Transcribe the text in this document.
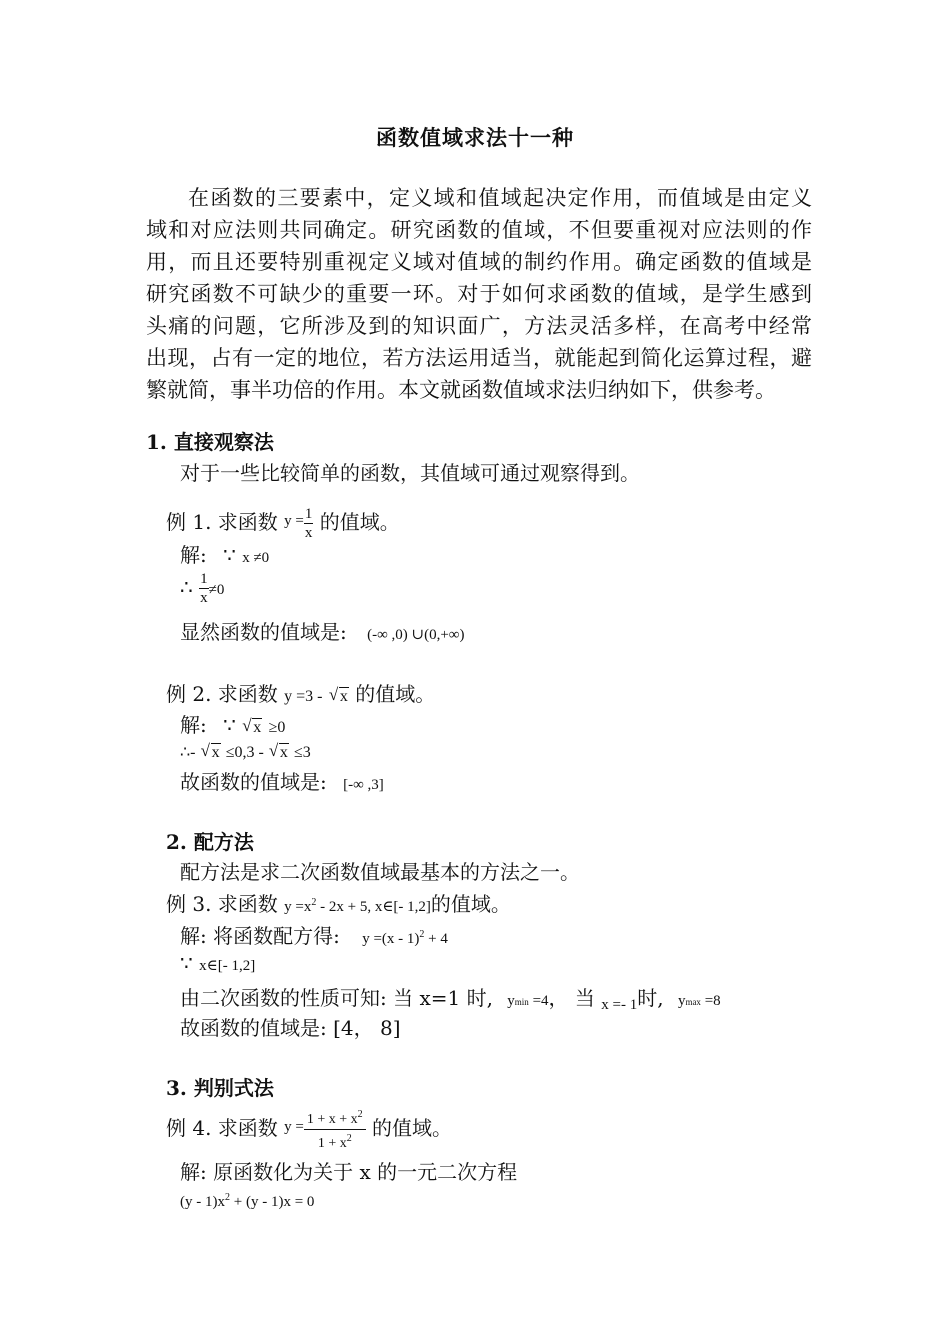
函数值域求法十一种
在函数的三要素中，定义域和值域起决定作用，而值域是由定义
域和对应法则共同确定。研究函数的值域，不但要重视对应法则的作
用，而且还要特别重视定义域对值域的制约作用。确定函数的值域是
研究函数不可缺少的重要一环。对于如何求函数的值域，是学生感到
头痛的问题，它所涉及到的知识面广，方法灵活多样，在高考中经常
出现，占有一定的地位，若方法运用适当，就能起到简化运算过程，避
繁就简，事半功倍的作用。本文就函数值域求法归纳如下，供参考。
1. 直接观察法
对于一些比较简单的函数，其值域可通过观察得到。
例 1. 求函数 $^{y =} \frac{1}{x}$ 的值域。
解: ∵ x ≠0
∴ $\frac{1}{x} \ne 0$
显然函数的值域是: (-∞ ,0) ∪(0,+∞)
例 2. 求函数 y =3 - √ x 的值域。
解: ∵ √ x ≥0
∴- √ x ≤0,3 - √ x ≤3
故函数的值域是: [-∞ ,3]
2. 配方法
配方法是求二次函数值域最基本的方法之一。
例 3. 求函数 $y =x^2 - 2x + 5$, x∈[- 1,2]的值域。
解: 将函数配方得: y =(x - 1)$^2$ + 4
∵ x∈[- 1,2]
由二次函数的性质可知: 当 x=1 时, ymin =4， 当 $_{x =- 1}$时, ymax =8
故函数的值域是: [4， 8]
3. 判别式法
例 4. 求函数 $^{y =} \frac{1 + x + x^2}{1 + x^2}$ 的值域。
解: 原函数化为关于 x 的一元二次方程
$(y - 1)x^2 + (y - 1)x = 0$
